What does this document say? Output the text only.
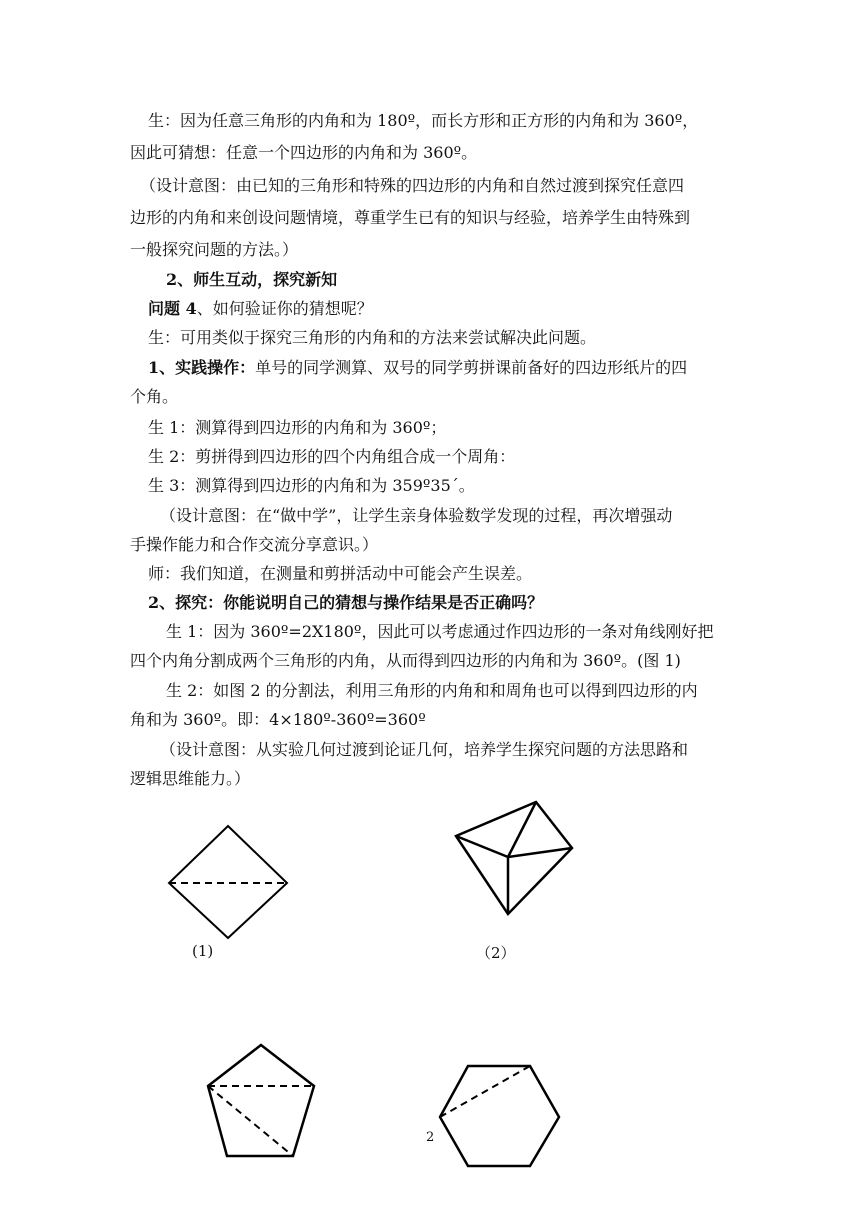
生：因为任意三角形的内角和为 180º，而长方形和正方形的内角和为 360º，
因此可猜想：任意一个四边形的内角和为 360º。
（设计意图：由已知的三角形和特殊的四边形的内角和自然过渡到探究任意四
边形的内角和来创设问题情境，尊重学生已有的知识与经验，培养学生由特殊到
一般探究问题的方法。）
2、师生互动，探究新知
问题 4、如何验证你的猜想呢？
生：可用类似于探究三角形的内角和的方法来尝试解决此问题。
1、实践操作：单号的同学测算、双号的同学剪拼课前备好的四边形纸片的四
个角。
生 1：测算得到四边形的内角和为 360º；
生 2：剪拼得到四边形的四个内角组合成一个周角：
生 3：测算得到四边形的内角和为 359º35΄。
（设计意图：在“做中学”，让学生亲身体验数学发现的过程，再次增强动
手操作能力和合作交流分享意识。）
师：我们知道，在测量和剪拼活动中可能会产生误差。
2、探究：你能说明自己的猜想与操作结果是否正确吗？
生 1：因为 360º=2X180º，因此可以考虑通过作四边形的一条对角线刚好把
四个内角分割成两个三角形的内角，从而得到四边形的内角和为 360º。(图 1)
生 2：如图 2 的分割法，利用三角形的内角和和周角也可以得到四边形的内
角和为 360º。即：4×180º-360º=360º
（设计意图：从实验几何过渡到论证几何，培养学生探究问题的方法思路和
逻辑思维能力。）
(1)	（2）
2
